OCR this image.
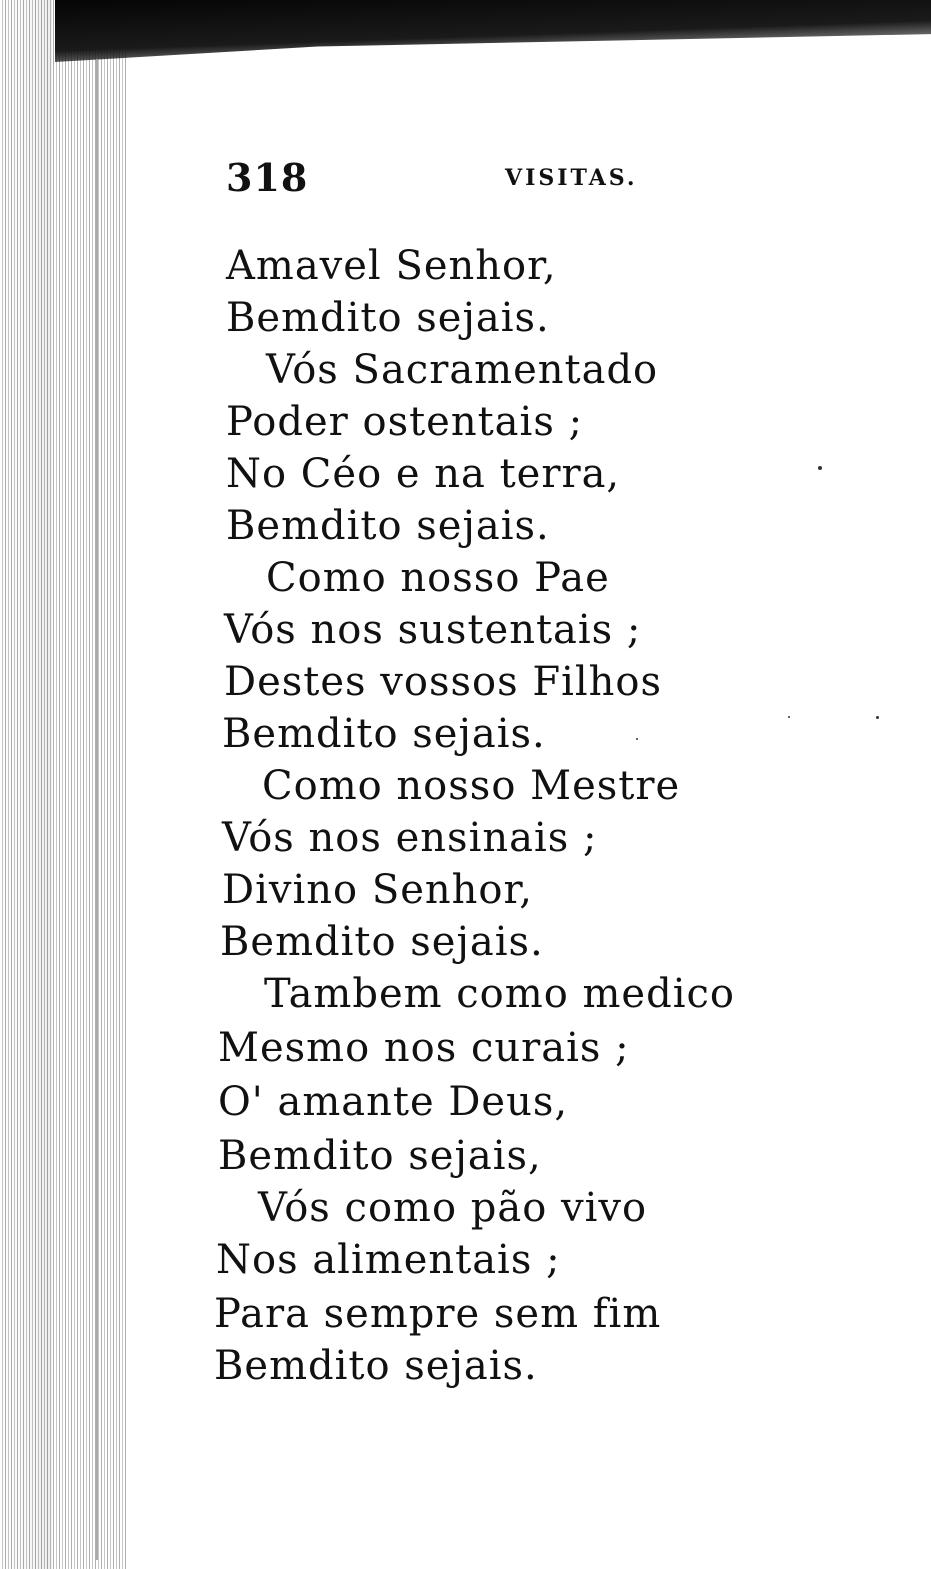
318	VISITAS.
Amavel Senhor,
Bemdito sejais.
Vós Sacramentado
Poder ostentais ;
No Céo e na terra,
Bemdito sejais.
Como nosso Pae
Vós nos sustentais ;
Destes vossos Filhos
Bemdito sejais.
Como nosso Mestre
Vós nos ensinais ;
Divino Senhor,
Bemdito sejais.
Tambem como medico
Mesmo nos curais ;
O' amante Deus,
Bemdito sejais,
Vós como pão vivo
Nos alimentais ;
Para sempre sem fim
Bemdito sejais.
